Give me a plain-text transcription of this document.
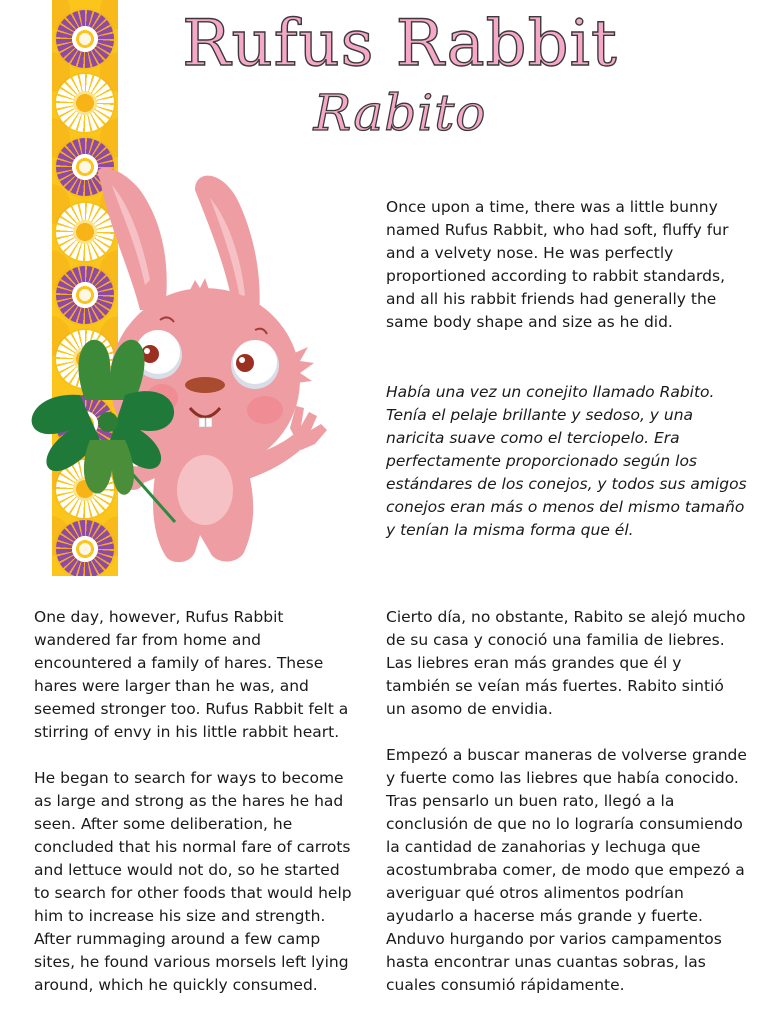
Rufus Rabbit
Rabito

Once upon a time, there was a little bunny named Rufus Rabbit, who had soft, fluffy fur and a velvety nose. He was perfectly proportioned according to rabbit standards, and all his rabbit friends had generally the same body shape and size as he did.

Había una vez un conejito llamado Rabito. Tenía el pelaje brillante y sedoso, y una naricita suave como el terciopelo. Era perfectamente proporcionado según los estándares de los conejos, y todos sus amigos conejos eran más o menos del mismo tamaño y tenían la misma forma que él.

One day, however, Rufus Rabbit wandered far from home and encountered a family of hares. These hares were larger than he was, and seemed stronger too. Rufus Rabbit felt a stirring of envy in his little rabbit heart.

He began to search for ways to become as large and strong as the hares he had seen. After some deliberation, he concluded that his normal fare of carrots and lettuce would not do, so he started to search for other foods that would help him to increase his size and strength. After rummaging around a few camp sites, he found various morsels left lying around, which he quickly consumed.

Cierto día, no obstante, Rabito se alejó mucho de su casa y conoció una familia de liebres. Las liebres eran más grandes que él y también se veían más fuertes. Rabito sintió un asomo de envidia.

Empezó a buscar maneras de volverse grande y fuerte como las liebres que había conocido. Tras pensarlo un buen rato, llegó a la conclusión de que no lo lograría consumiendo la cantidad de zanahorias y lechuga que acostumbraba comer, de modo que empezó a averiguar qué otros alimentos podrían ayudarlo a hacerse más grande y fuerte. Anduvo hurgando por varios campamentos hasta encontrar unas cuantas sobras, las cuales consumió rápidamente.
